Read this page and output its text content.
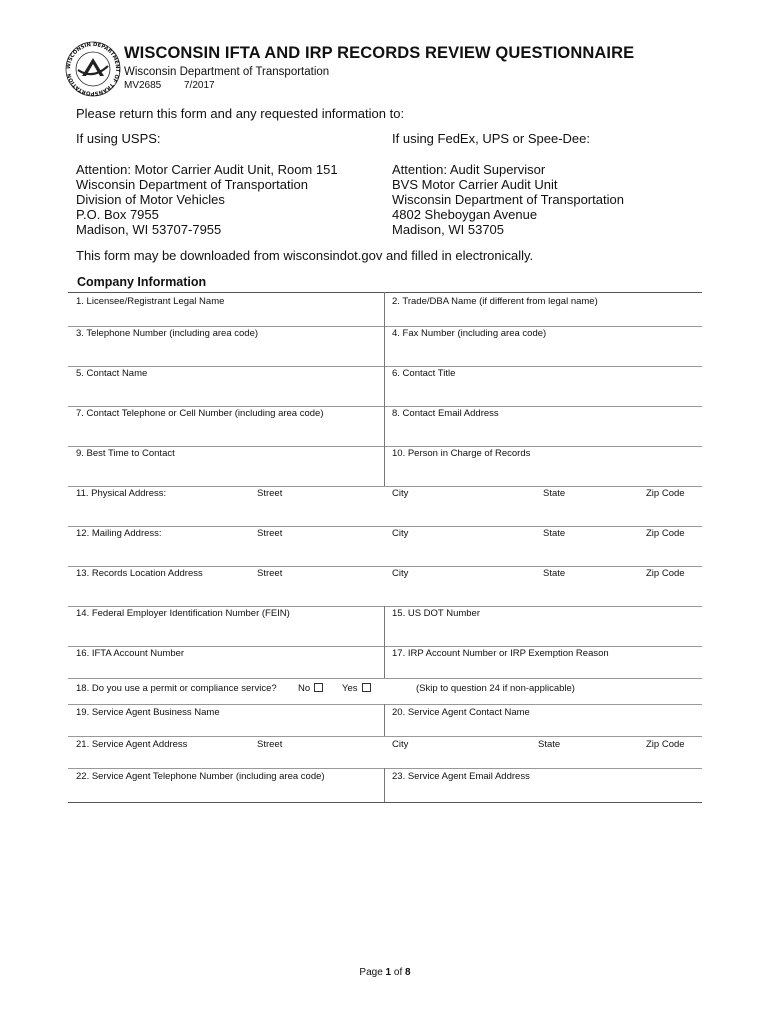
WISCONSIN DEPARTMENT OF TRANSPORTATION
WISCONSIN IFTA AND IRP RECORDS REVIEW QUESTIONNAIRE
Wisconsin Department of Transportation
MV2685 7/2017
Please return this form and any requested information to:
If using USPS:	If using FedEx, UPS or Spee-Dee:
Attention: Motor Carrier Audit Unit, Room 151
Wisconsin Department of Transportation
Division of Motor Vehicles
P.O. Box 7955
Madison, WI 53707-7955
Attention: Audit Supervisor
BVS Motor Carrier Audit Unit
Wisconsin Department of Transportation
4802 Sheboygan Avenue
Madison, WI 53705
This form may be downloaded from wisconsindot.gov and filled in electronically.
Company Information
1. Licensee/Registrant Legal Name	2. Trade/DBA Name (if different from legal name)
3. Telephone Number (including area code)	4. Fax Number (including area code)
5. Contact Name	6. Contact Title
7. Contact Telephone or Cell Number (including area code)	8. Contact Email Address
9. Best Time to Contact	10. Person in Charge of Records
11. Physical Address:	Street	City	State	Zip Code
12. Mailing Address:	Street	City	State	Zip Code
13. Records Location Address	Street	City	State	Zip Code
14. Federal Employer Identification Number (FEIN)	15. US DOT Number
16. IFTA Account Number	17. IRP Account Number or IRP Exemption Reason
18. Do you use a permit or compliance service? No	Yes	(Skip to question 24 if non-applicable)
19. Service Agent Business Name	20. Service Agent Contact Name
21. Service Agent Address	Street	City	State	Zip Code
22. Service Agent Telephone Number (including area code)	23. Service Agent Email Address
Page 1 of 8
